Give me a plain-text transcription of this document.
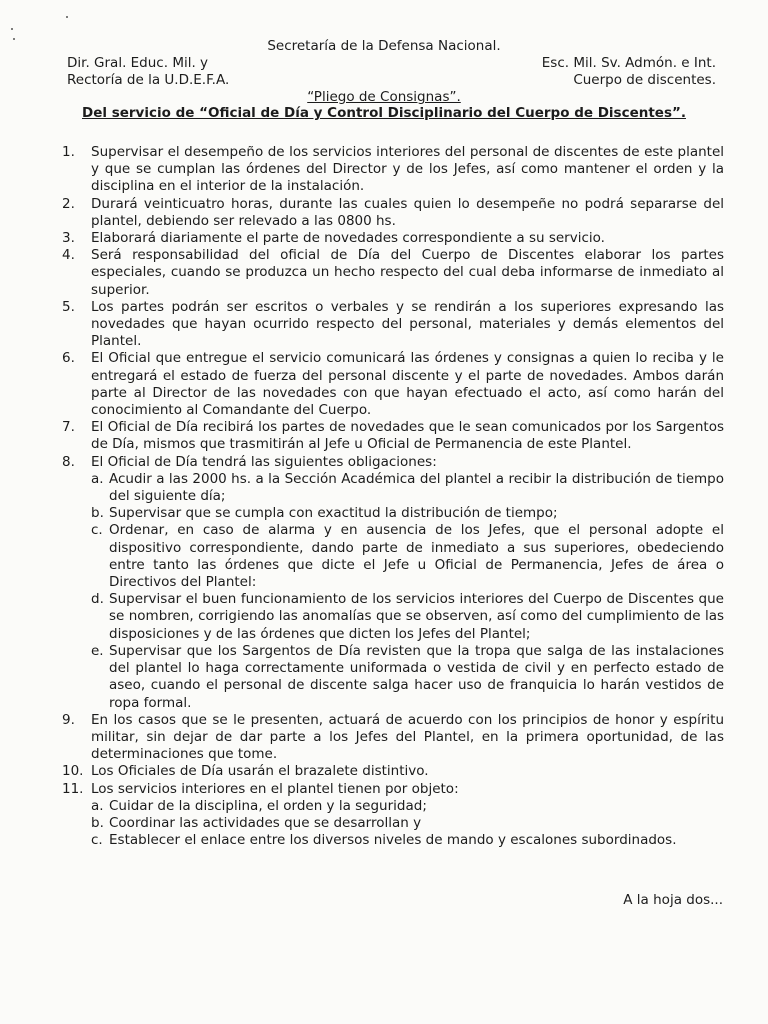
Secretaría de la Defensa Nacional.
Dir. Gral. Educ. Mil. y
Rectoría de la U.D.E.F.A.
Esc. Mil. Sv. Admón. e Int.
Cuerpo de discentes.
“Pliego de Consignas”.
Del servicio de “Oficial de Día y Control Disciplinario del Cuerpo de Discentes”.
1.	Supervisar el desempeño de los servicios interiores del personal de discentes de este plantel y que se cumplan las órdenes del Director y de los Jefes, así como mantener el orden y la disciplina en el interior de la instalación.
2.	Durará veinticuatro horas, durante las cuales quien lo desempeñe no podrá separarse del plantel, debiendo ser relevado a las 0800 hs.
3.	Elaborará diariamente el parte de novedades correspondiente a su servicio.
4.	Será responsabilidad del oficial de Día del Cuerpo de Discentes elaborar los partes especiales, cuando se produzca un hecho respecto del cual deba informarse de inmediato al superior.
5.	Los partes podrán ser escritos o verbales y se rendirán a los superiores expresando las novedades que hayan ocurrido respecto del personal, materiales y demás elementos del Plantel.
6.	El Oficial que entregue el servicio comunicará las órdenes y consignas a quien lo reciba y le entregará el estado de fuerza del personal discente y el parte de novedades. Ambos darán parte al Director de las novedades con que hayan efectuado el acto, así como harán del conocimiento al Comandante del Cuerpo.
7.	El Oficial de Día recibirá los partes de novedades que le sean comunicados por los Sargentos de Día, mismos que trasmitirán al Jefe u Oficial de Permanencia de este Plantel.
8.	El Oficial de Día tendrá las siguientes obligaciones:
a. Acudir a las 2000 hs. a la Sección Académica del plantel a recibir la distribución de tiempo del siguiente día;
b. Supervisar que se cumpla con exactitud la distribución de tiempo;
c. Ordenar, en caso de alarma y en ausencia de los Jefes, que el personal adopte el dispositivo correspondiente, dando parte de inmediato a sus superiores, obedeciendo entre tanto las órdenes que dicte el Jefe u Oficial de Permanencia, Jefes de área o Directivos del Plantel:
d. Supervisar el buen funcionamiento de los servicios interiores del Cuerpo de Discentes que se nombren, corrigiendo las anomalías que se observen, así como del cumplimiento de las disposiciones y de las órdenes que dicten los Jefes del Plantel;
e. Supervisar que los Sargentos de Día revisten que la tropa que salga de las instalaciones del plantel lo haga correctamente uniformada o vestida de civil y en perfecto estado de aseo, cuando el personal de discente salga hacer uso de franquicia lo harán vestidos de ropa formal.
9.	En los casos que se le presenten, actuará de acuerdo con los principios de honor y espíritu militar, sin dejar de dar parte a los Jefes del Plantel, en la primera oportunidad, de las determinaciones que tome.
10. Los Oficiales de Día usarán el brazalete distintivo.
11. Los servicios interiores en el plantel tienen por objeto:
a. Cuidar de la disciplina, el orden y la seguridad;
b. Coordinar las actividades que se desarrollan y
c. Establecer el enlace entre los diversos niveles de mando y escalones subordinados.
A la hoja dos...
